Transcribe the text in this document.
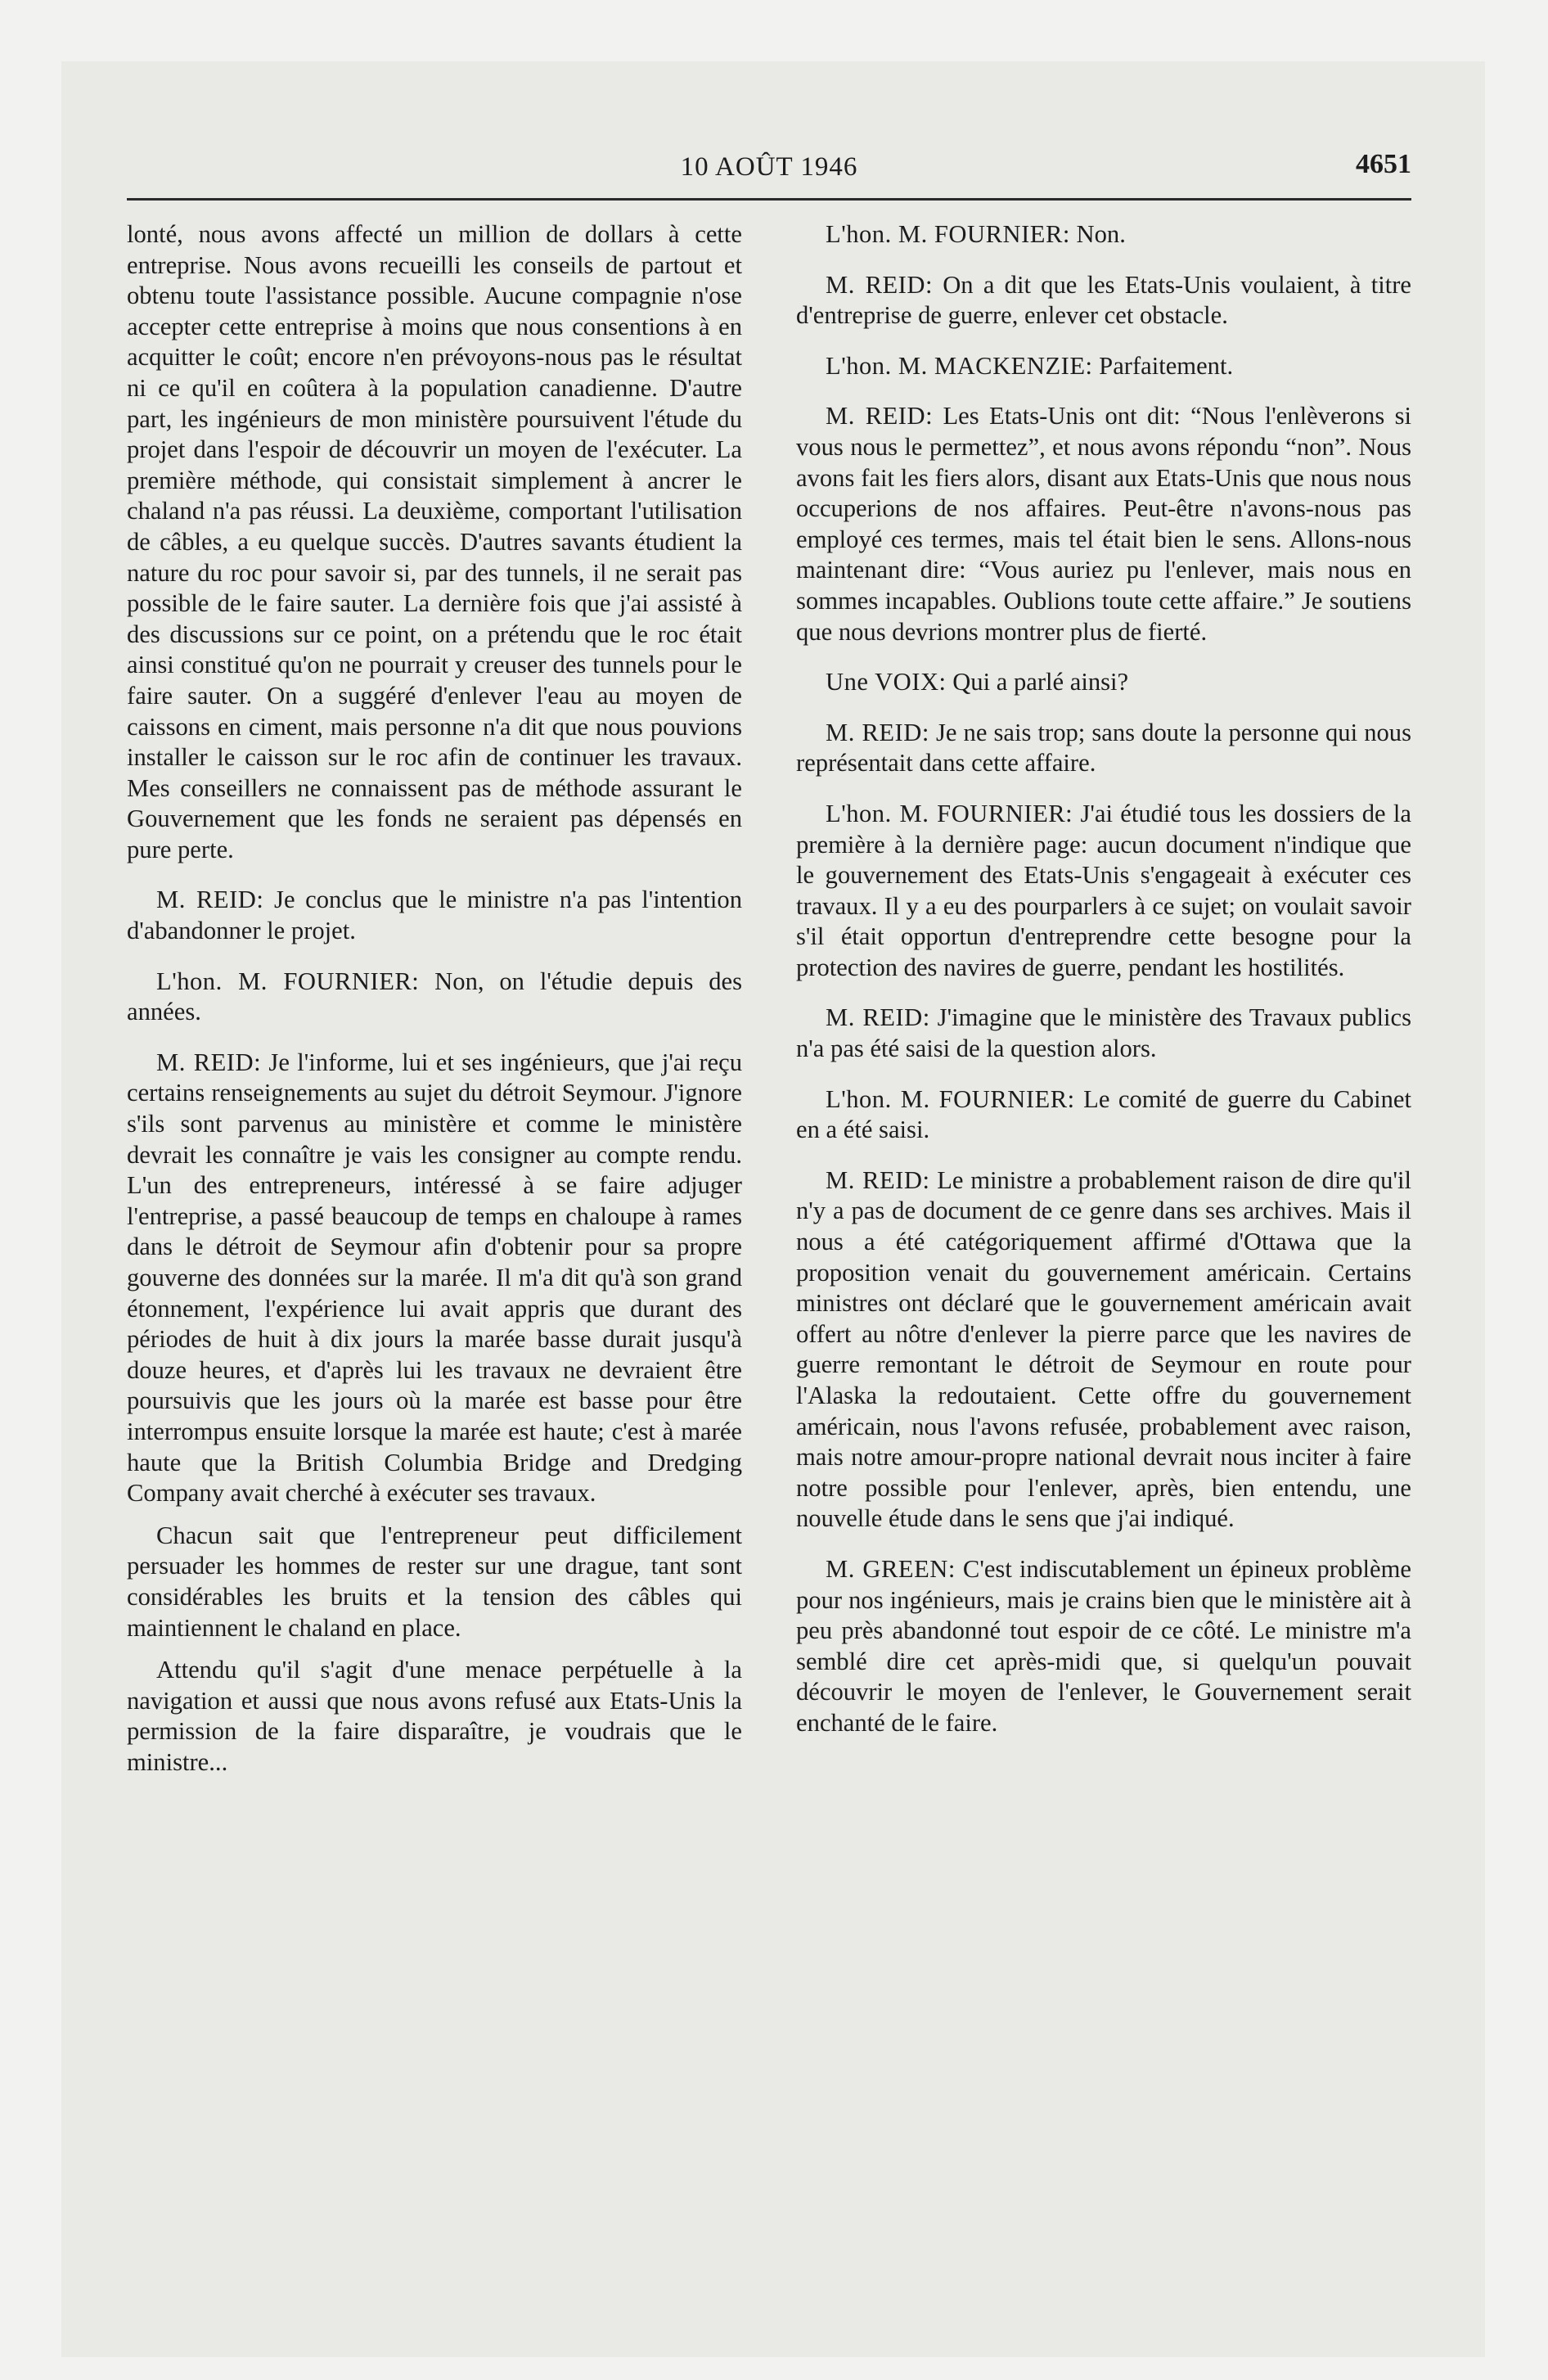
10 AOÛT 1946	4651

lonté, nous avons affecté un million de dollars à cette entreprise. Nous avons recueilli les conseils de partout et obtenu toute l'assistance possible. Aucune compagnie n'ose accepter cette entreprise à moins que nous consentions à en acquitter le coût; encore n'en prévoyons-nous pas le résultat ni ce qu'il en coûtera à la population canadienne. D'autre part, les ingénieurs de mon ministère poursuivent l'étude du projet dans l'espoir de découvrir un moyen de l'exécuter. La première méthode, qui consistait simplement à ancrer le chaland n'a pas réussi. La deuxième, comportant l'utilisation de câbles, a eu quelque succès. D'autres savants étudient la nature du roc pour savoir si, par des tunnels, il ne serait pas possible de le faire sauter. La dernière fois que j'ai assisté à des discussions sur ce point, on a prétendu que le roc était ainsi constitué qu'on ne pourrait y creuser des tunnels pour le faire sauter. On a suggéré d'enlever l'eau au moyen de caissons en ciment, mais personne n'a dit que nous pouvions installer le caisson sur le roc afin de continuer les travaux. Mes conseillers ne connaissent pas de méthode assurant le Gouvernement que les fonds ne seraient pas dépensés en pure perte.

M. REID: Je conclus que le ministre n'a pas l'intention d'abandonner le projet.

L'hon. M. FOURNIER: Non, on l'étudie depuis des années.

M. REID: Je l'informe, lui et ses ingénieurs, que j'ai reçu certains renseignements au sujet du détroit Seymour. J'ignore s'ils sont parvenus au ministère et comme le ministère devrait les connaître je vais les consigner au compte rendu. L'un des entrepreneurs, intéressé à se faire adjuger l'entreprise, a passé beaucoup de temps en chaloupe à rames dans le détroit de Seymour afin d'obtenir pour sa propre gouverne des données sur la marée. Il m'a dit qu'à son grand étonnement, l'expérience lui avait appris que durant des périodes de huit à dix jours la marée basse durait jusqu'à douze heures, et d'après lui les travaux ne devraient être poursuivis que les jours où la marée est basse pour être interrompus ensuite lorsque la marée est haute; c'est à marée haute que la British Columbia Bridge and Dredging Company avait cherché à exécuter ses travaux.

Chacun sait que l'entrepreneur peut difficilement persuader les hommes de rester sur une drague, tant sont considérables les bruits et la tension des câbles qui maintiennent le chaland en place.

Attendu qu'il s'agit d'une menace perpétuelle à la navigation et aussi que nous avons refusé aux Etats-Unis la permission de la faire disparaître, je voudrais que le ministre...

L'hon. M. FOURNIER: Non.

M. REID: On a dit que les Etats-Unis voulaient, à titre d'entreprise de guerre, enlever cet obstacle.

L'hon. M. MACKENZIE: Parfaitement.

M. REID: Les Etats-Unis ont dit: “Nous l'enlèverons si vous nous le permettez”, et nous avons répondu “non”. Nous avons fait les fiers alors, disant aux Etats-Unis que nous nous occuperions de nos affaires. Peut-être n'avons-nous pas employé ces termes, mais tel était bien le sens. Allons-nous maintenant dire: “Vous auriez pu l'enlever, mais nous en sommes incapables. Oublions toute cette affaire.” Je soutiens que nous devrions montrer plus de fierté.

Une VOIX: Qui a parlé ainsi?

M. REID: Je ne sais trop; sans doute la personne qui nous représentait dans cette affaire.

L'hon. M. FOURNIER: J'ai étudié tous les dossiers de la première à la dernière page: aucun document n'indique que le gouvernement des Etats-Unis s'engageait à exécuter ces travaux. Il y a eu des pourparlers à ce sujet; on voulait savoir s'il était opportun d'entreprendre cette besogne pour la protection des navires de guerre, pendant les hostilités.

M. REID: J'imagine que le ministère des Travaux publics n'a pas été saisi de la question alors.

L'hon. M. FOURNIER: Le comité de guerre du Cabinet en a été saisi.

M. REID: Le ministre a probablement raison de dire qu'il n'y a pas de document de ce genre dans ses archives. Mais il nous a été catégoriquement affirmé d'Ottawa que la proposition venait du gouvernement américain. Certains ministres ont déclaré que le gouvernement américain avait offert au nôtre d'enlever la pierre parce que les navires de guerre remontant le détroit de Seymour en route pour l'Alaska la redoutaient. Cette offre du gouvernement américain, nous l'avons refusée, probablement avec raison, mais notre amour-propre national devrait nous inciter à faire notre possible pour l'enlever, après, bien entendu, une nouvelle étude dans le sens que j'ai indiqué.

M. GREEN: C'est indiscutablement un épineux problème pour nos ingénieurs, mais je crains bien que le ministère ait à peu près abandonné tout espoir de ce côté. Le ministre m'a semblé dire cet après-midi que, si quelqu'un pouvait découvrir le moyen de l'enlever, le Gouvernement serait enchanté de le faire.
